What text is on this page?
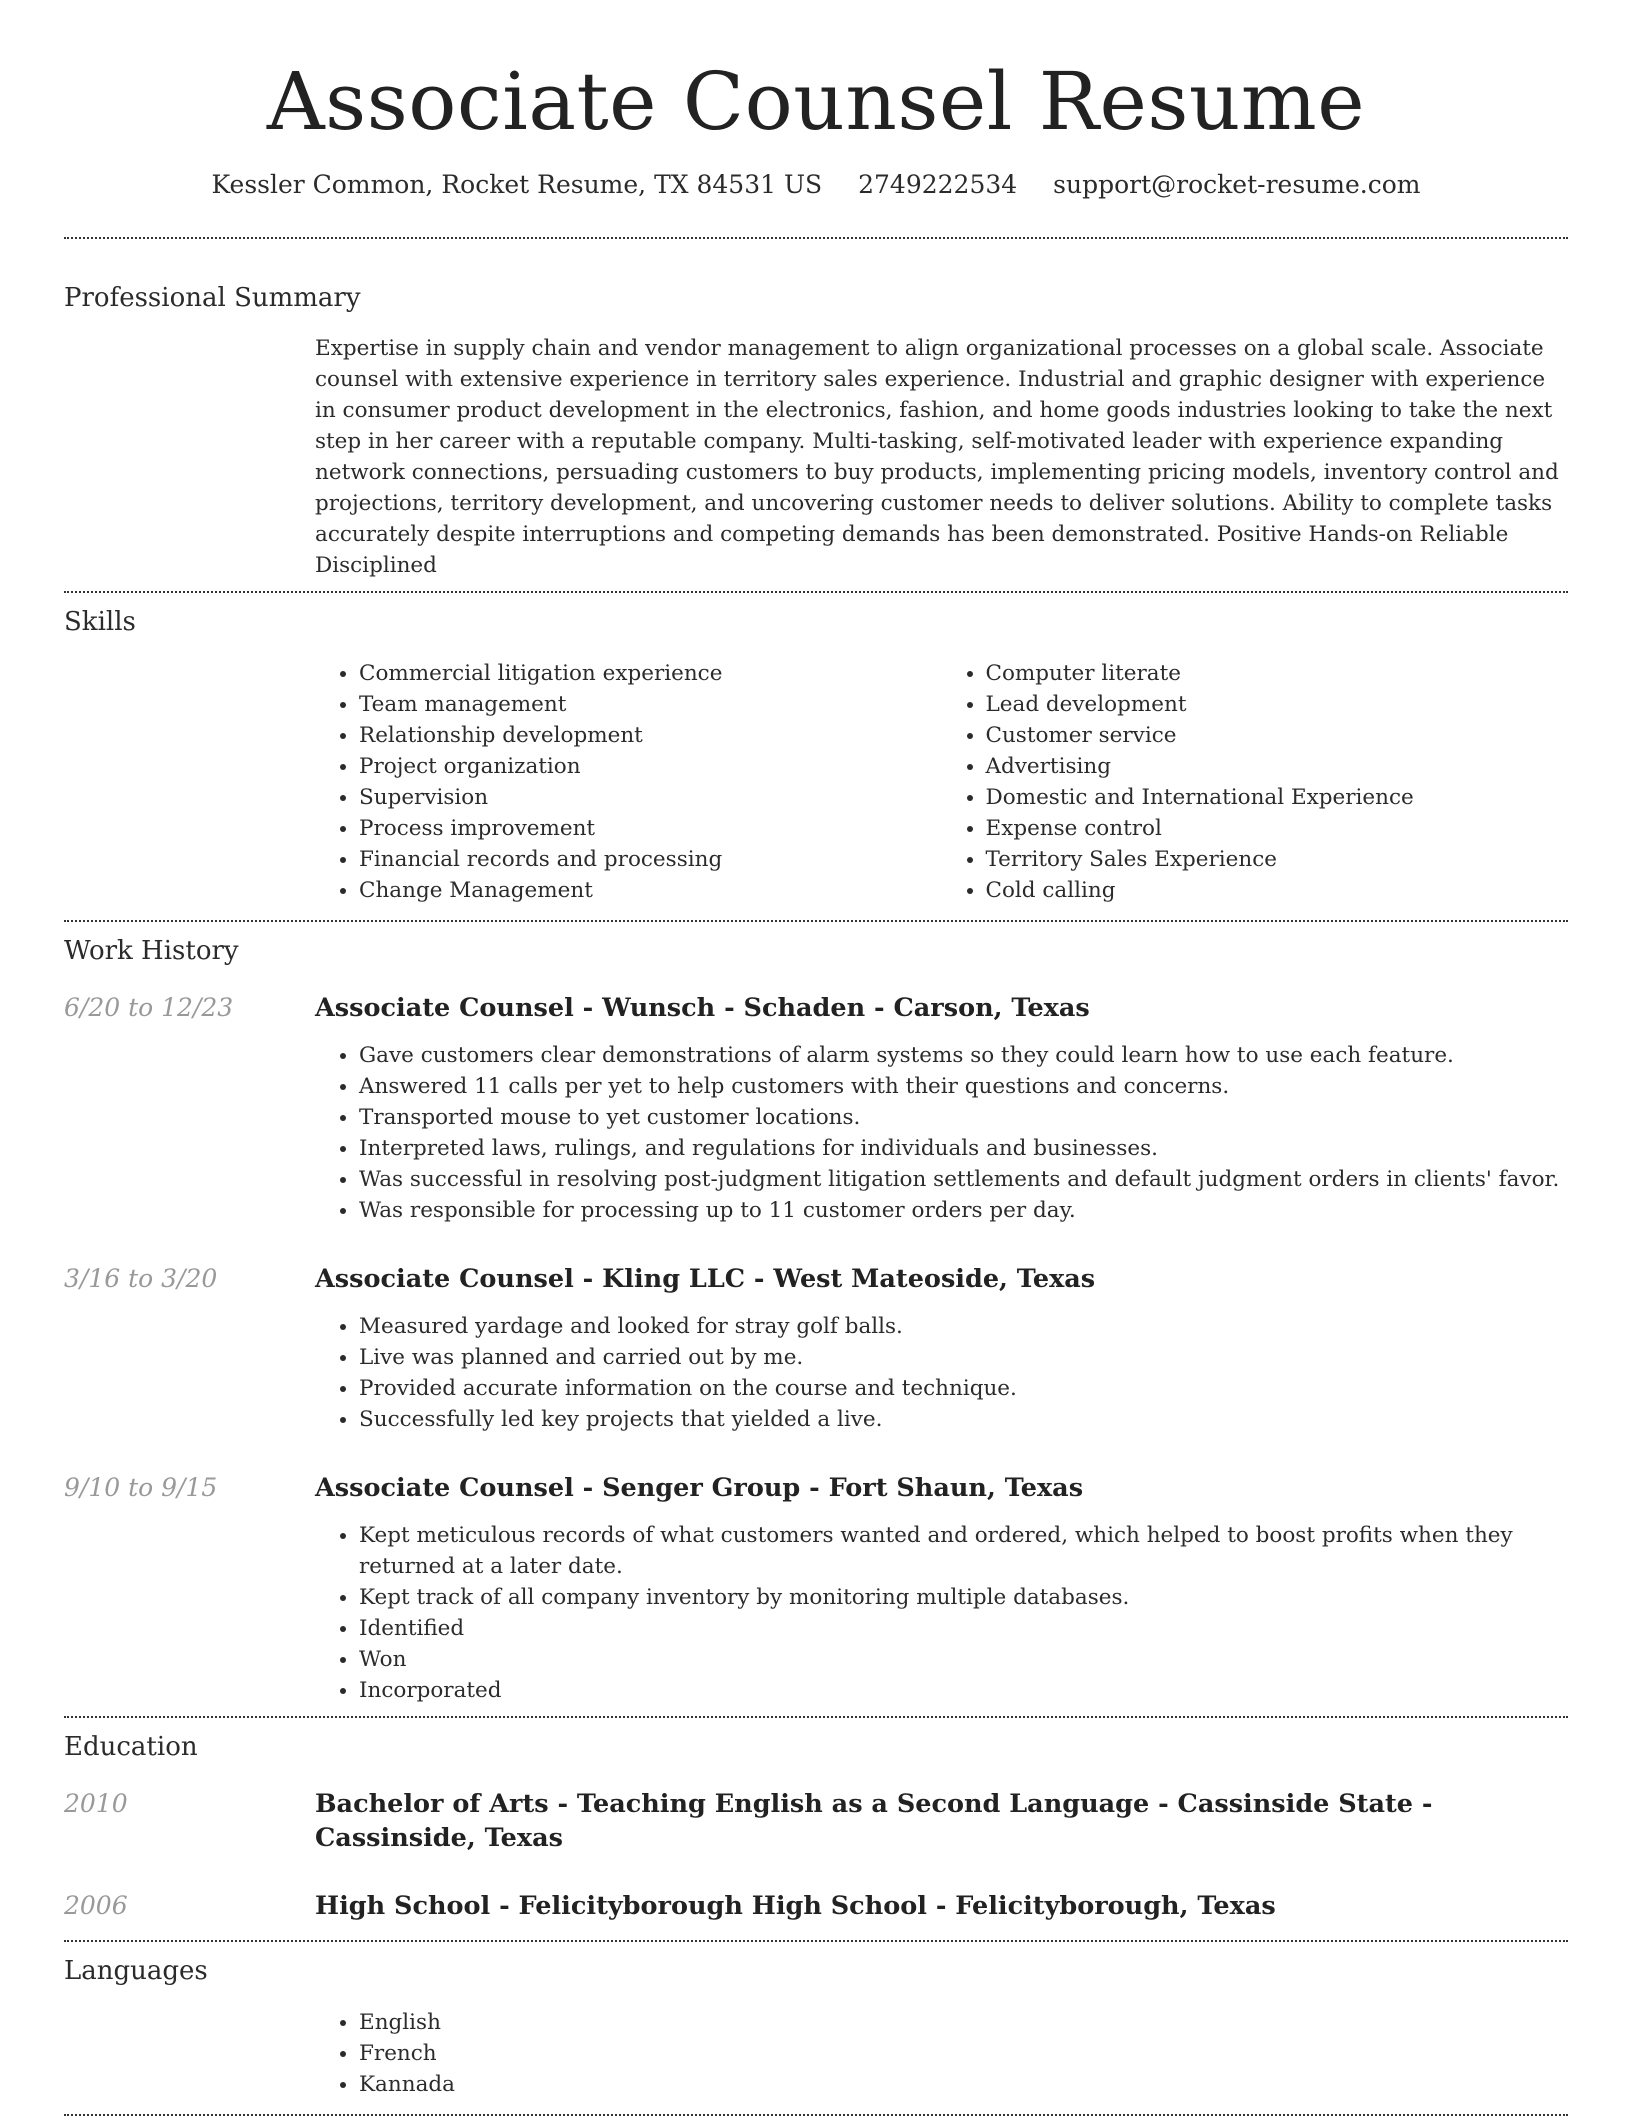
Associate Counsel Resume
Kessler Common, Rocket Resume, TX 84531 US 2749222534 support@rocket-resume.com
Professional Summary

Expertise in supply chain and vendor management to align organizational processes on a global scale. Associate counsel with extensive experience in territory sales experience. Industrial and graphic designer with experience in consumer product development in the electronics, fashion, and home goods industries looking to take the next step in her career with a reputable company. Multi-tasking, self-motivated leader with experience expanding network connections, persuading customers to buy products, implementing pricing models, inventory control and projections, territory development, and uncovering customer needs to deliver solutions. Ability to complete tasks accurately despite interruptions and competing demands has been demonstrated. Positive Hands-on Reliable Disciplined

Skills
• Commercial litigation experience
• Team management
• Relationship development
• Project organization
• Supervision
• Process improvement
• Financial records and processing
• Change Management
• Computer literate
• Lead development
• Customer service
• Advertising
• Domestic and International Experience
• Expense control
• Territory Sales Experience
• Cold calling
Work History
6/20 to 12/23	Associate Counsel - Wunsch - Schaden - Carson, Texas
• Gave customers clear demonstrations of alarm systems so they could learn how to use each feature.
• Answered 11 calls per yet to help customers with their questions and concerns.
• Transported mouse to yet customer locations.
• Interpreted laws, rulings, and regulations for individuals and businesses.
• Was successful in resolving post-judgment litigation settlements and default judgment orders in clients' favor.
• Was responsible for processing up to 11 customer orders per day.
3/16 to 3/20	Associate Counsel - Kling LLC - West Mateoside, Texas
• Measured yardage and looked for stray golf balls.
• Live was planned and carried out by me.
• Provided accurate information on the course and technique.
• Successfully led key projects that yielded a live.
9/10 to 9/15	Associate Counsel - Senger Group - Fort Shaun, Texas
• Kept meticulous records of what customers wanted and ordered, which helped to boost profits when they returned at a later date.
• Kept track of all company inventory by monitoring multiple databases.
• Identified
• Won
• Incorporated
Education
2010	Bachelor of Arts - Teaching English as a Second Language - Cassinside State - Cassinside, Texas
2006	High School - Felicityborough High School - Felicityborough, Texas
Languages
• English
• French
• Kannada
